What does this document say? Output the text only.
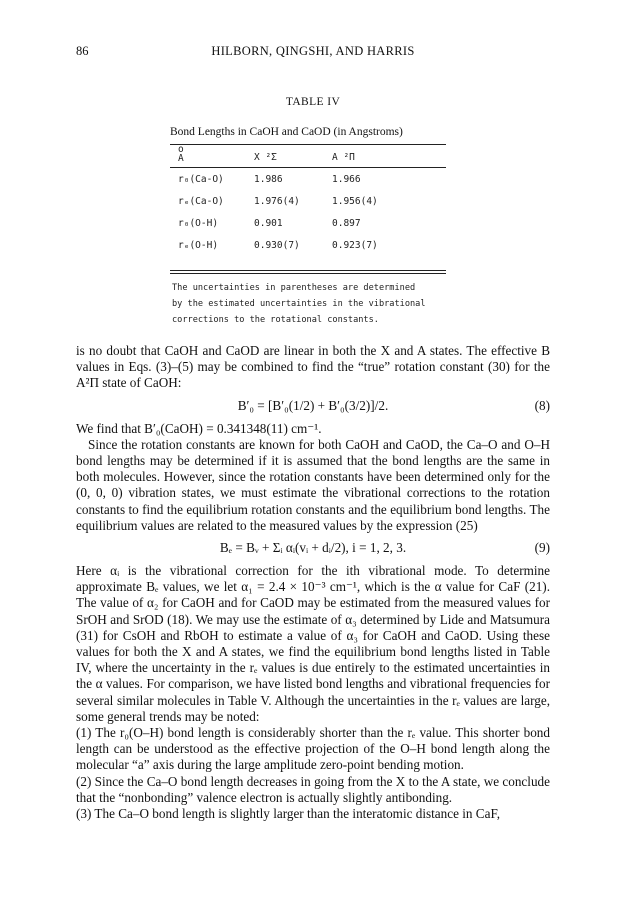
86	HILBORN, QINGSHI, AND HARRIS
TABLE IV
Bond Lengths in CaOH and CaOD (in Angstroms)
o
A	X ²Σ	A ²Π
r₀(Ca-O)	1.986	1.966
rₑ(Ca-O)	1.976(4)	1.956(4)
r₀(O-H)	0.901	0.897
rₑ(O-H)	0.930(7)	0.923(7)
The uncertainties in parentheses are determined
by the estimated uncertainties in the vibrational
corrections to the rotational constants.

is no doubt that CaOH and CaOD are linear in both the X and A states. The effective B values in Eqs. (3)–(5) may be combined to find the “true” rotation constant (30) for the A²Π state of CaOH:

B′₀ = [B′₀(1/2) + B′₀(3/2)]/2.	(8)

We find that B′₀(CaOH) = 0.341348(11) cm⁻¹.

Since the rotation constants are known for both CaOH and CaOD, the Ca–O and O–H bond lengths may be determined if it is assumed that the bond lengths are the same in both molecules. However, since the rotation constants have been determined only for the (0, 0, 0) vibration states, we must estimate the vibrational corrections to the rotation constants to find the equilibrium rotation constants and the equilibrium bond lengths. The equilibrium values are related to the measured values by the expression (25)

Bₑ = Bᵥ + Σᵢ αᵢ(vᵢ + dᵢ/2), i = 1, 2, 3.	(9)

Here αᵢ is the vibrational correction for the ith vibrational mode. To determine approximate Bₑ values, we let α₁ = 2.4 × 10⁻³ cm⁻¹, which is the α value for CaF (21). The value of α₂ for CaOH and for CaOD may be estimated from the measured values for SrOH and SrOD (18). We may use the estimate of α₃ determined by Lide and Matsumura (31) for CsOH and RbOH to estimate a value of α₃ for CaOH and CaOD. Using these values for both the X and A states, we find the equilibrium bond lengths listed in Table IV, where the uncertainty in the rₑ values is due entirely to the estimated uncertainties in the α values. For comparison, we have listed bond lengths and vibrational frequencies for several similar molecules in Table V. Although the uncertainties in the rₑ values are large, some general trends may be noted:

(1) The r₀(O–H) bond length is considerably shorter than the rₑ value. This shorter bond length can be understood as the effective projection of the O–H bond length along the molecular “a” axis during the large amplitude zero-point bending motion.

(2) Since the Ca–O bond length decreases in going from the X to the A state, we conclude that the “nonbonding” valence electron is actually slightly antibonding.

(3) The Ca–O bond length is slightly larger than the interatomic distance in CaF,
